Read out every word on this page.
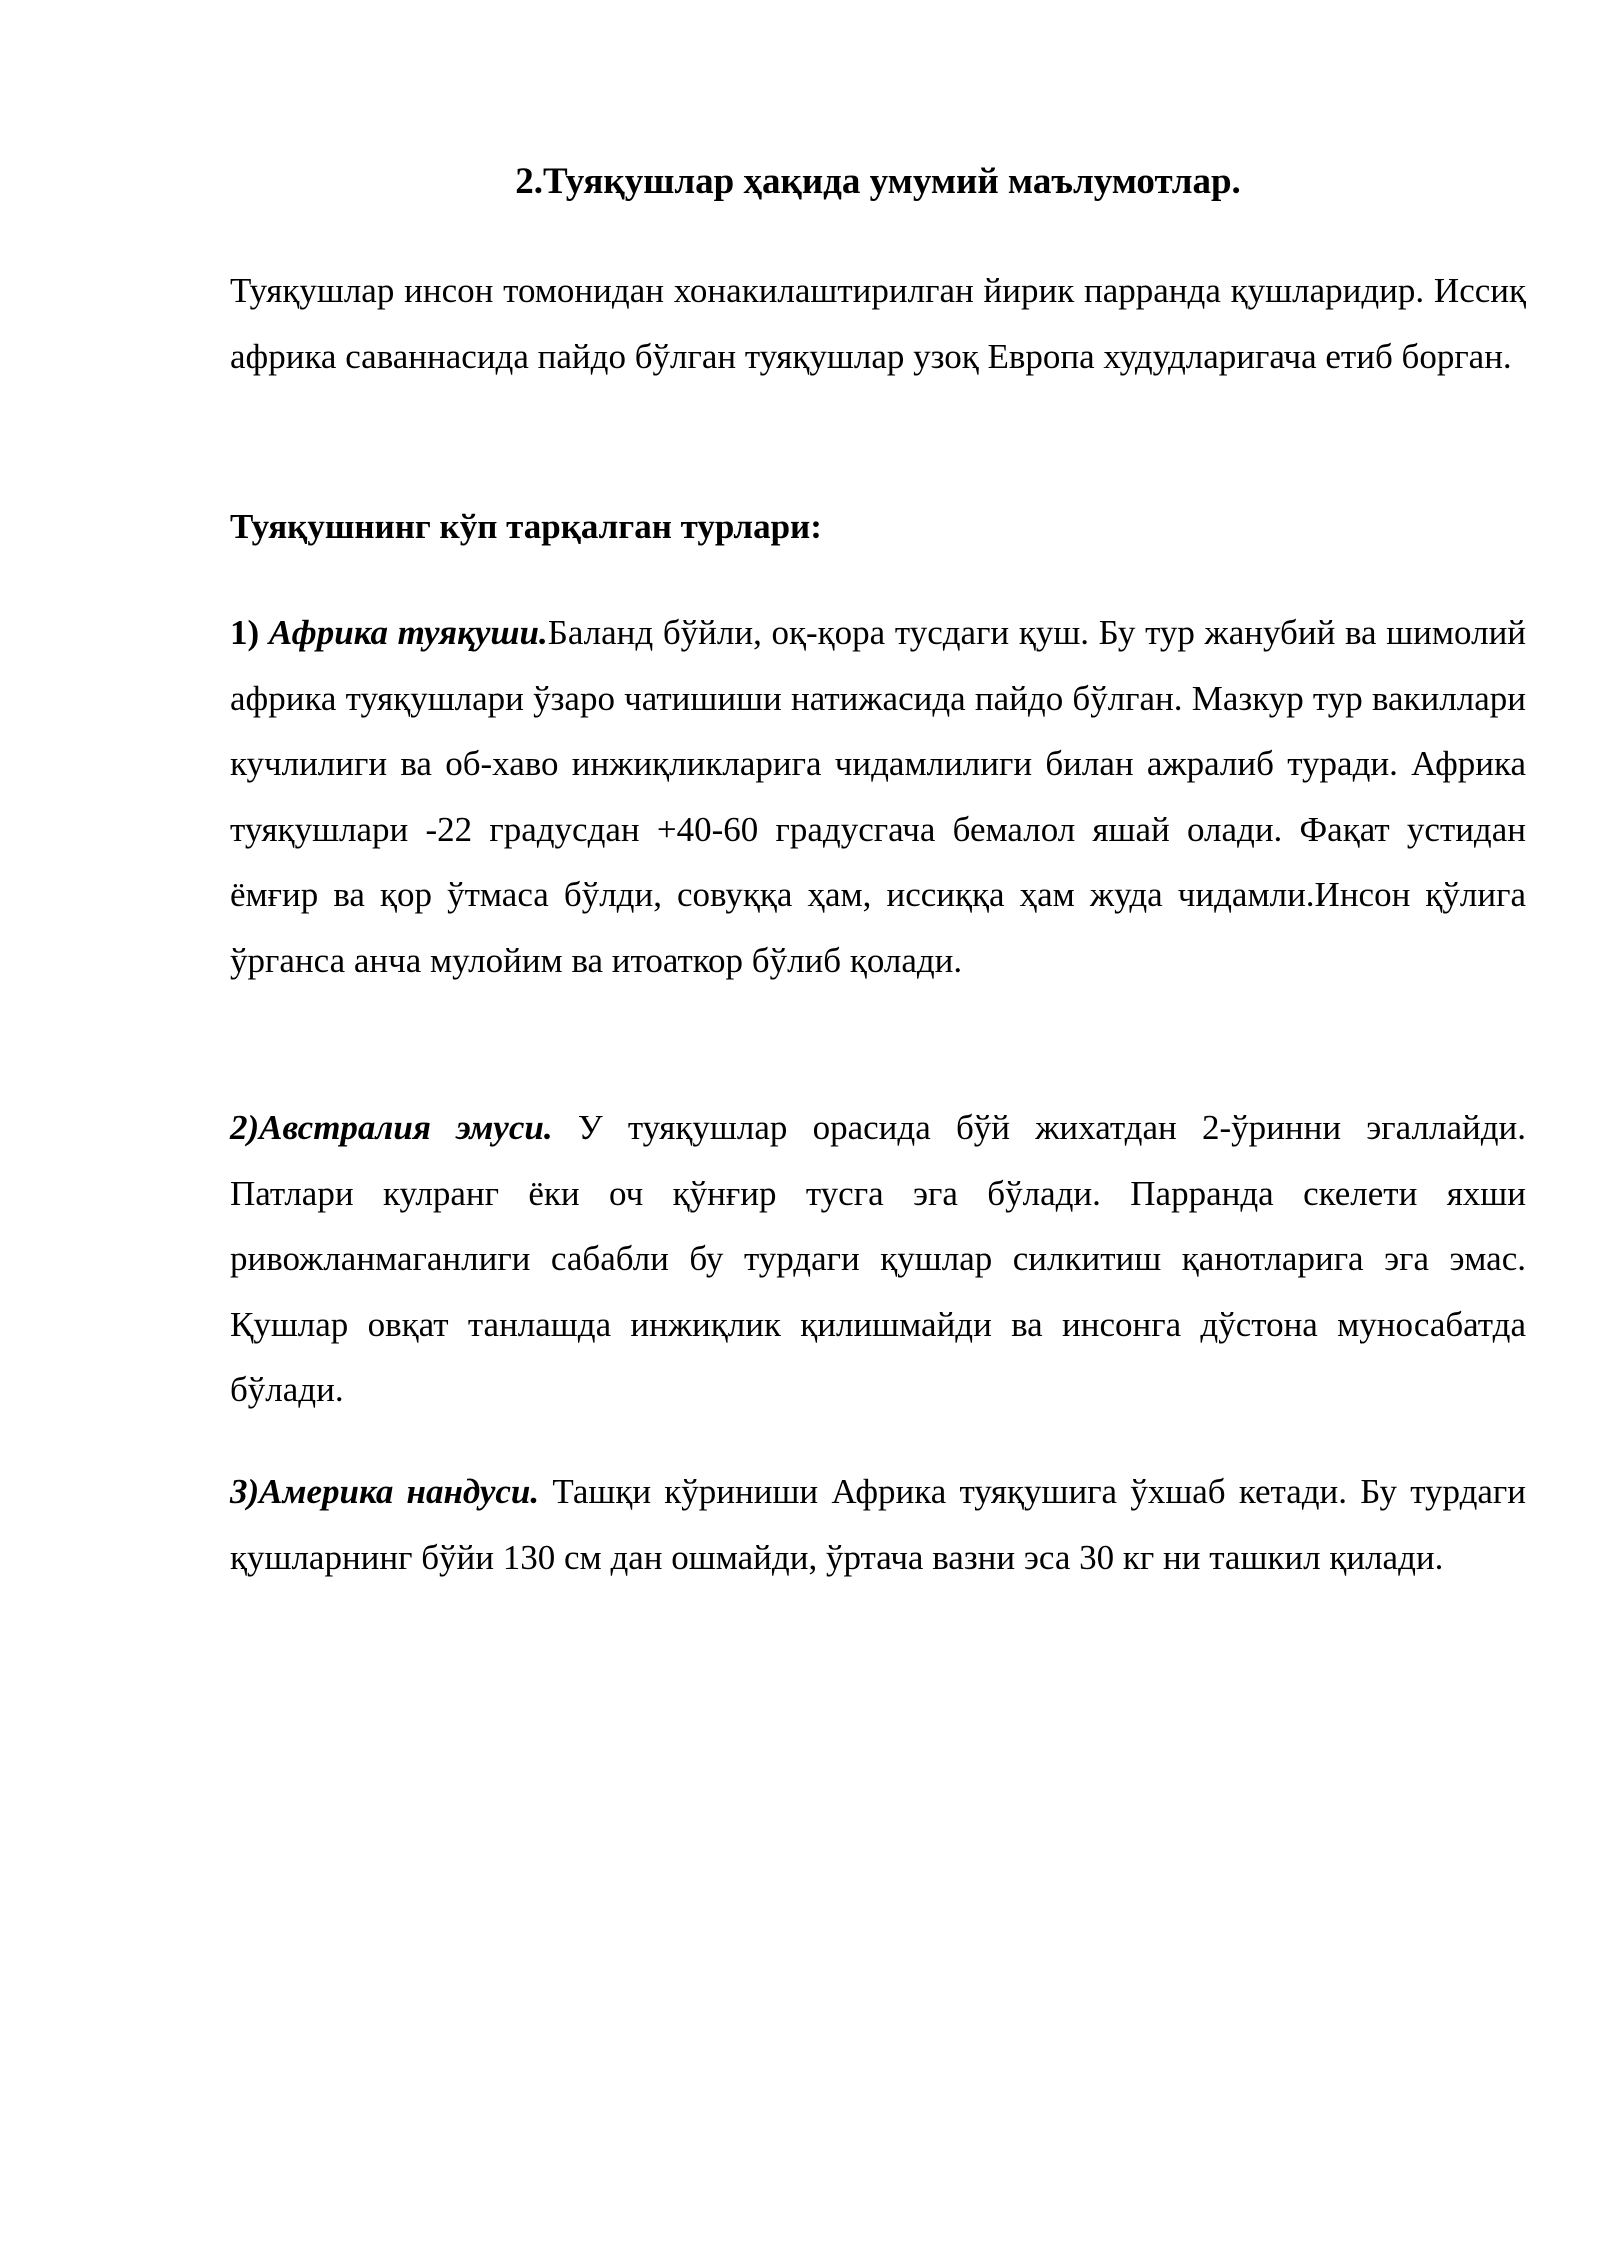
2.Туяқушлар ҳақида умумий маълумотлар.

Туяқушлар инсон томонидан хонакилаштирилган йирик парранда қушларидир. Иссиқ африка саваннасида пайдо бўлган туяқушлар узоқ Европа худудларигача етиб борган.

Туяқушнинг кўп тарқалган турлари:

1) Африка туяқуши.Баланд бўйли, оқ-қора тусдаги қуш. Бу тур жанубий ва шимолий африка туяқушлари ўзаро чатишиши натижасида пайдо бўлган. Мазкур тур вакиллари кучлилиги ва об-хаво инжиқликларига чидамлилиги билан ажралиб туради. Африка туяқушлари -22 градусдан +40-60 градусгача бемалол яшай олади. Фақат устидан ёмғир ва қор ўтмаса бўлди, совуққа ҳам, иссиққа ҳам жуда чидамли.Инсон қўлига ўрганса анча мулойим ва итоаткор бўлиб қолади.

2)Австралия эмуси. У туяқушлар орасида бўй жихатдан 2-ўринни эгаллайди. Патлари кулранг ёки оч қўнғир тусга эга бўлади. Парранда скелети яхши ривожланмаганлиги сабабли бу турдаги қушлар силкитиш қанотларига эга эмас. Қушлар овқат танлашда инжиқлик қилишмайди ва инсонга дўстона муносабатда бўлади.

3)Америка нандуси. Ташқи кўриниши Африка туяқушига ўхшаб кетади. Бу турдаги қушларнинг бўйи 130 см дан ошмайди, ўртача вазни эса 30 кг ни ташкил қилади.
